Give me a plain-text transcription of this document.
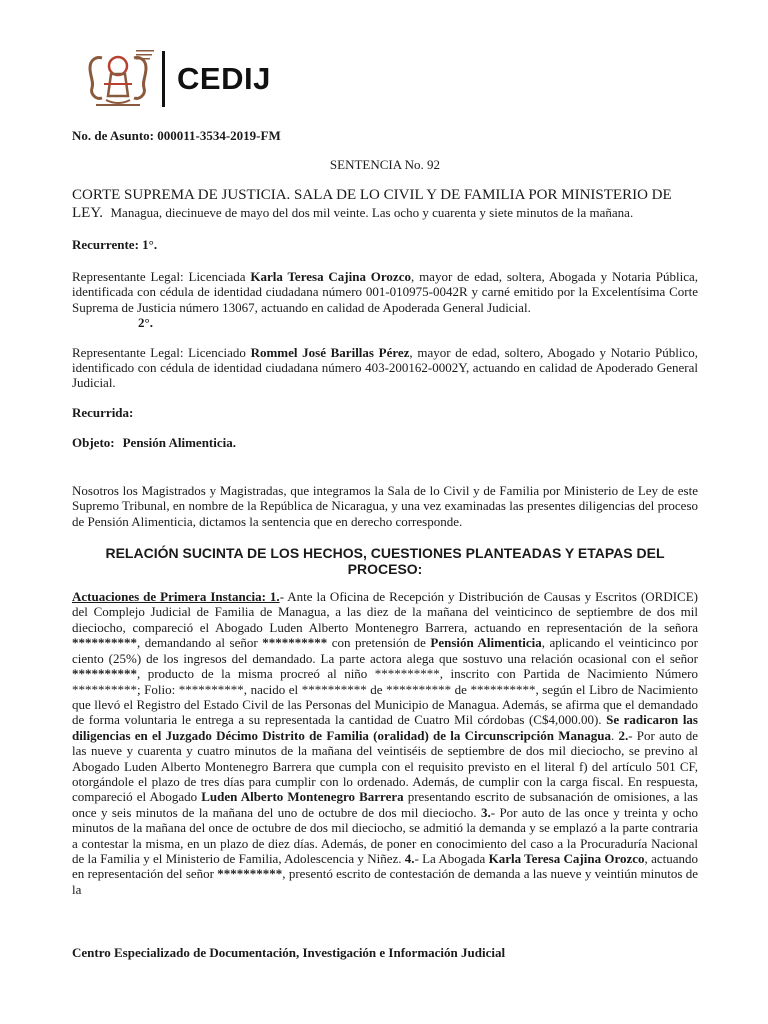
CEDIJ
No. de Asunto: 000011-3534-2019-FM
SENTENCIA No. 92

CORTE SUPREMA DE JUSTICIA. SALA DE LO CIVIL Y DE FAMILIA POR MINISTERIO DE LEY. Managua, diecinueve de mayo del dos mil veinte. Las ocho y cuarenta y siete minutos de la mañana.

Recurrente: 1°.

Representante Legal: Licenciada Karla Teresa Cajina Orozco, mayor de edad, soltera, Abogada y Notaria Pública, identificada con cédula de identidad ciudadana número 001-010975-0042R y carné emitido por la Excelentísima Corte Suprema de Justicia número 13067, actuando en calidad de Apoderada General Judicial.

2°.

Representante Legal: Licenciado Rommel José Barillas Pérez, mayor de edad, soltero, Abogado y Notario Público, identificado con cédula de identidad ciudadana número 403-200162-0002Y, actuando en calidad de Apoderado General Judicial.

Recurrida:
Objeto: Pensión Alimenticia.

Nosotros los Magistrados y Magistradas, que integramos la Sala de lo Civil y de Familia por Ministerio de Ley de este Supremo Tribunal, en nombre de la República de Nicaragua, y una vez examinadas las presentes diligencias del proceso de Pensión Alimenticia, dictamos la sentencia que en derecho corresponde.

RELACIÓN SUCINTA DE LOS HECHOS, CUESTIONES PLANTEADAS Y ETAPAS DEL PROCESO:

Actuaciones de Primera Instancia: 1.- Ante la Oficina de Recepción y Distribución de Causas y Escritos (ORDICE) del Complejo Judicial de Familia de Managua, a las diez de la mañana del veinticinco de septiembre de dos mil dieciocho, compareció el Abogado Luden Alberto Montenegro Barrera, actuando en representación de la señora **********, demandando al señor ********** con pretensión de Pensión Alimenticia, aplicando el veinticinco por ciento (25%) de los ingresos del demandado. La parte actora alega que sostuvo una relación ocasional con el señor **********, producto de la misma procreó al niño **********, inscrito con Partida de Nacimiento Número **********; Folio: **********, nacido el ********** de ********** de **********, según el Libro de Nacimiento que llevó el Registro del Estado Civil de las Personas del Municipio de Managua. Además, se afirma que el demandado de forma voluntaria le entrega a su representada la cantidad de Cuatro Mil córdobas (C$4,000.00). Se radicaron las diligencias en el Juzgado Décimo Distrito de Familia (oralidad) de la Circunscripción Managua. 2.- Por auto de las nueve y cuarenta y cuatro minutos de la mañana del veintiséis de septiembre de dos mil dieciocho, se previno al Abogado Luden Alberto Montenegro Barrera que cumpla con el requisito previsto en el literal f) del artículo 501 CF, otorgándole el plazo de tres días para cumplir con lo ordenado. Además, de cumplir con la carga fiscal. En respuesta, compareció el Abogado Luden Alberto Montenegro Barrera presentando escrito de subsanación de omisiones, a las once y seis minutos de la mañana del uno de octubre de dos mil dieciocho. 3.- Por auto de las once y treinta y ocho minutos de la mañana del once de octubre de dos mil dieciocho, se admitió la demanda y se emplazó a la parte contraria a contestar la misma, en un plazo de diez días. Además, de poner en conocimiento del caso a la Procuraduría Nacional de la Familia y el Ministerio de Familia, Adolescencia y Niñez. 4.- La Abogada Karla Teresa Cajina Orozco, actuando en representación del señor **********, presentó escrito de contestación de demanda a las nueve y veintiún minutos de la

Centro Especializado de Documentación, Investigación e Información Judicial
